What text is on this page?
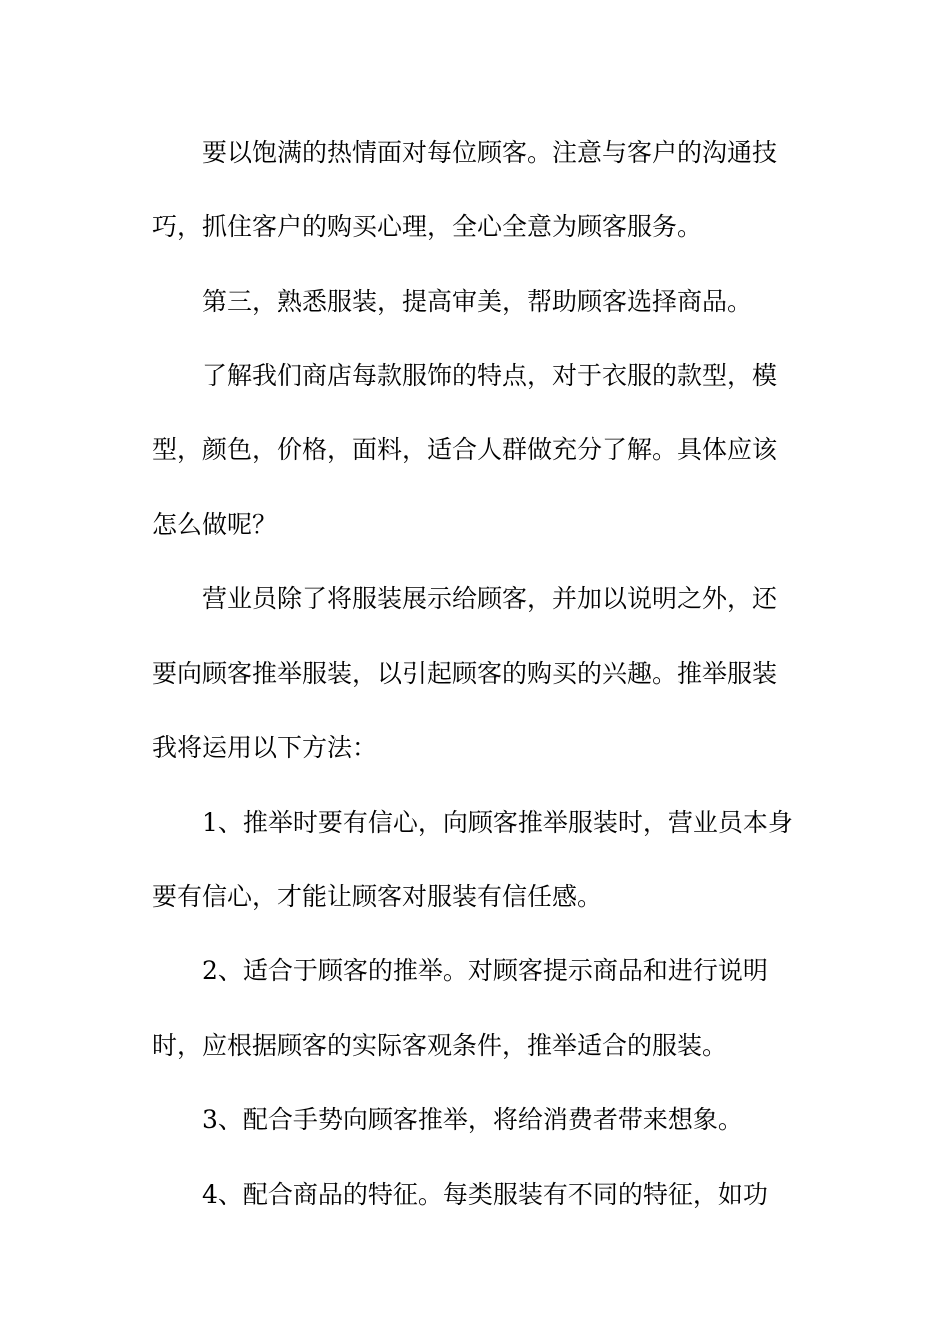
要以饱满的热情面对每位顾客。注意与客户的沟通技
巧，抓住客户的购买心理，全心全意为顾客服务。
第三，熟悉服装，提高审美，帮助顾客选择商品。
了解我们商店每款服饰的特点，对于衣服的款型，模
型，颜色，价格，面料，适合人群做充分了解。具体应该
怎么做呢？
营业员除了将服装展示给顾客，并加以说明之外，还
要向顾客推举服装，以引起顾客的购买的兴趣。推举服装
我将运用以下方法：
1、推举时要有信心，向顾客推举服装时，营业员本身
要有信心，才能让顾客对服装有信任感。
2、适合于顾客的推举。对顾客提示商品和进行说明
时，应根据顾客的实际客观条件，推举适合的服装。
3、配合手势向顾客推举，将给消费者带来想象。
4、配合商品的特征。每类服装有不同的特征，如功
